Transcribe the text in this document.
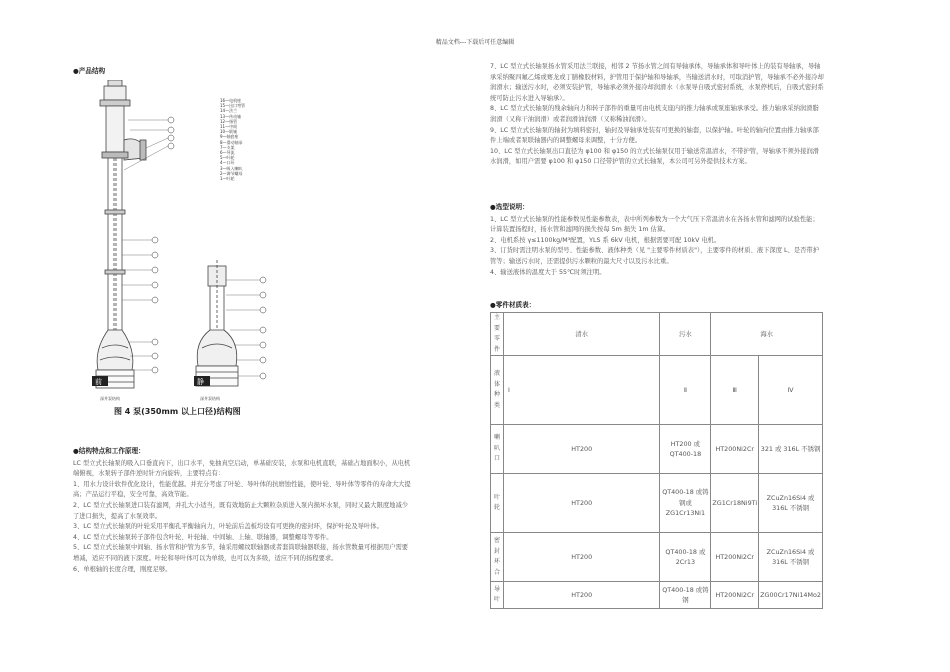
精品文档---下载后可任意编辑
●产品结构
前
深井泵结构
16—电机座
15—出口弯管
14—法兰
13—传动轴
12—扬管
11—中间
10—联轴
9—轴套座
8—滑动轴承
7—支架
6—导流
5—叶轮
4—口环
3—吸入喇叭
2—调节螺母
1—叶轮
静
深井泵结构
图 4 泵(350mm 以上口径)结构图
●结构特点和工作原理：

LC 型立式长轴泵的吸入口垂直向下，出口水平，免抽真空启动，单基础安装，水泵和电机直联，基础占地面积小，从电机端俯视，水泵转子部件逆时针方向旋转，主要特点有：

1、用水力设计软件优化设计，性能优越。并充分考虑了叶轮、导叶体的抗磨蚀性能，使叶轮、导叶体等零件的寿命大大提高；产品运行平稳，安全可靠，高效节能。

2、LC 型立式长轴泵进口装有滤网，并孔大小适当，既有效地防止大颗粒杂质进入泵内损坏水泵，同时又最大限度地减少了进口损失，提高了水泵效率。

3、LC 型立式长轴泵的叶轮采用平衡孔平衡轴向力，叶轮前后盖板均设有可更换的密封环，保护叶轮及导叶体。

4、LC 型立式长轴泵转子部件包含叶轮、叶轮轴、中间轴、上轴、联轴器，调整螺母等零件。

5、LC 型立式长轴泵中间轴、扬水管和护管为多节，轴采用螺纹联轴器或者套筒联轴器联接，扬水管数量可根据用户需要增减，适应不同的液下深度。叶轮和导叶体可以为单级，也可以为多级，适应不同的扬程要求。

6、单根轴的长度合理，刚度足够。

7、LC 型立式长轴泵扬水管采用法兰联接，相邻 2 节扬水管之间有导轴承体，导轴承体和导叶体上的装有导轴承，导轴承采纳聚四氟乙烯或赛龙或丁腈橡胶材料，护管用于保护轴和导轴承，当输送清水时，可取消护管，导轴承不必外接冷却润滑水；输送污水时，必须安装护管，导轴承必须外接冷却润滑水（水泵导自吸式密封系统，水泵停机后，自吸式密封系统可防止污水进入导轴承）。

8、LC 型立式长轴泵的残余轴向力和转子部件的重量可由电机支座内的推力轴承或泵座轴承承受。推力轴承采纳润滑脂润滑（又称干油润滑）或者润滑油润滑（又称稀油润滑）。

9、LC 型立式长轴泵的轴封为填料密封，轴封及导轴承处装有可更换的轴套，以保护轴。叶轮的轴向位置由推力轴承部件上端或者泵联轴器内的调整螺母来调整，十分方便。

10、LC 型立式长轴泵出口直径为 φ100 和 φ150 的立式长轴泵仅用于输送常温清水，不带护管，导轴承不须外接润滑水润滑，如用户需要 φ100 和 φ150 口径带护管的立式长轴泵，本公司可另外提供技术方案。

●选型说明：

1、LC 型立式长轴泵的性能参数见性能参数表，表中所列参数为一个大气压下常温清水在各扬水管和滤网的试验性能；计算装置扬程时，扬水管和滤网的损失按每 5m 损失 1m 估算。

2、电机系按 γ≤1100kg/M³配置，YLS 系 6kV 电机，根据需要可配 10kV 电机。

3、订货时需注明水泵的型号、性能参数、液体种类（见 "主要零件材质表"），主要零件的材质、液下深度 L、是否带护管等；输送污水时，还需提供污水颗粒的最大尺寸以及污水比重。

4、输送液体的温度大于 55℃时须注明。

●零件材质表：
主要零件	清水	污水	海水	
液体种类	Ⅰ	Ⅱ	Ⅲ	Ⅳ
喇叭口	HT200	HT200 或 QT400-18	HT200Ni2Cr	321 或 316L 不锈钢
叶轮	HT200	QT400-18 或铸钢或 ZG1Cr13Ni1	ZG1Cr18Ni9Ti	ZCuZn16Si4 或 316L 不锈钢
密封环合	HT200	QT400-18 或 2Cr13	HT200Ni2Cr	ZCuZn16Si4 或 316L 不锈钢
导叶	HT200	QT400-18 或铸钢	HT200Ni2Cr	ZG00Cr17Ni14Mo2
